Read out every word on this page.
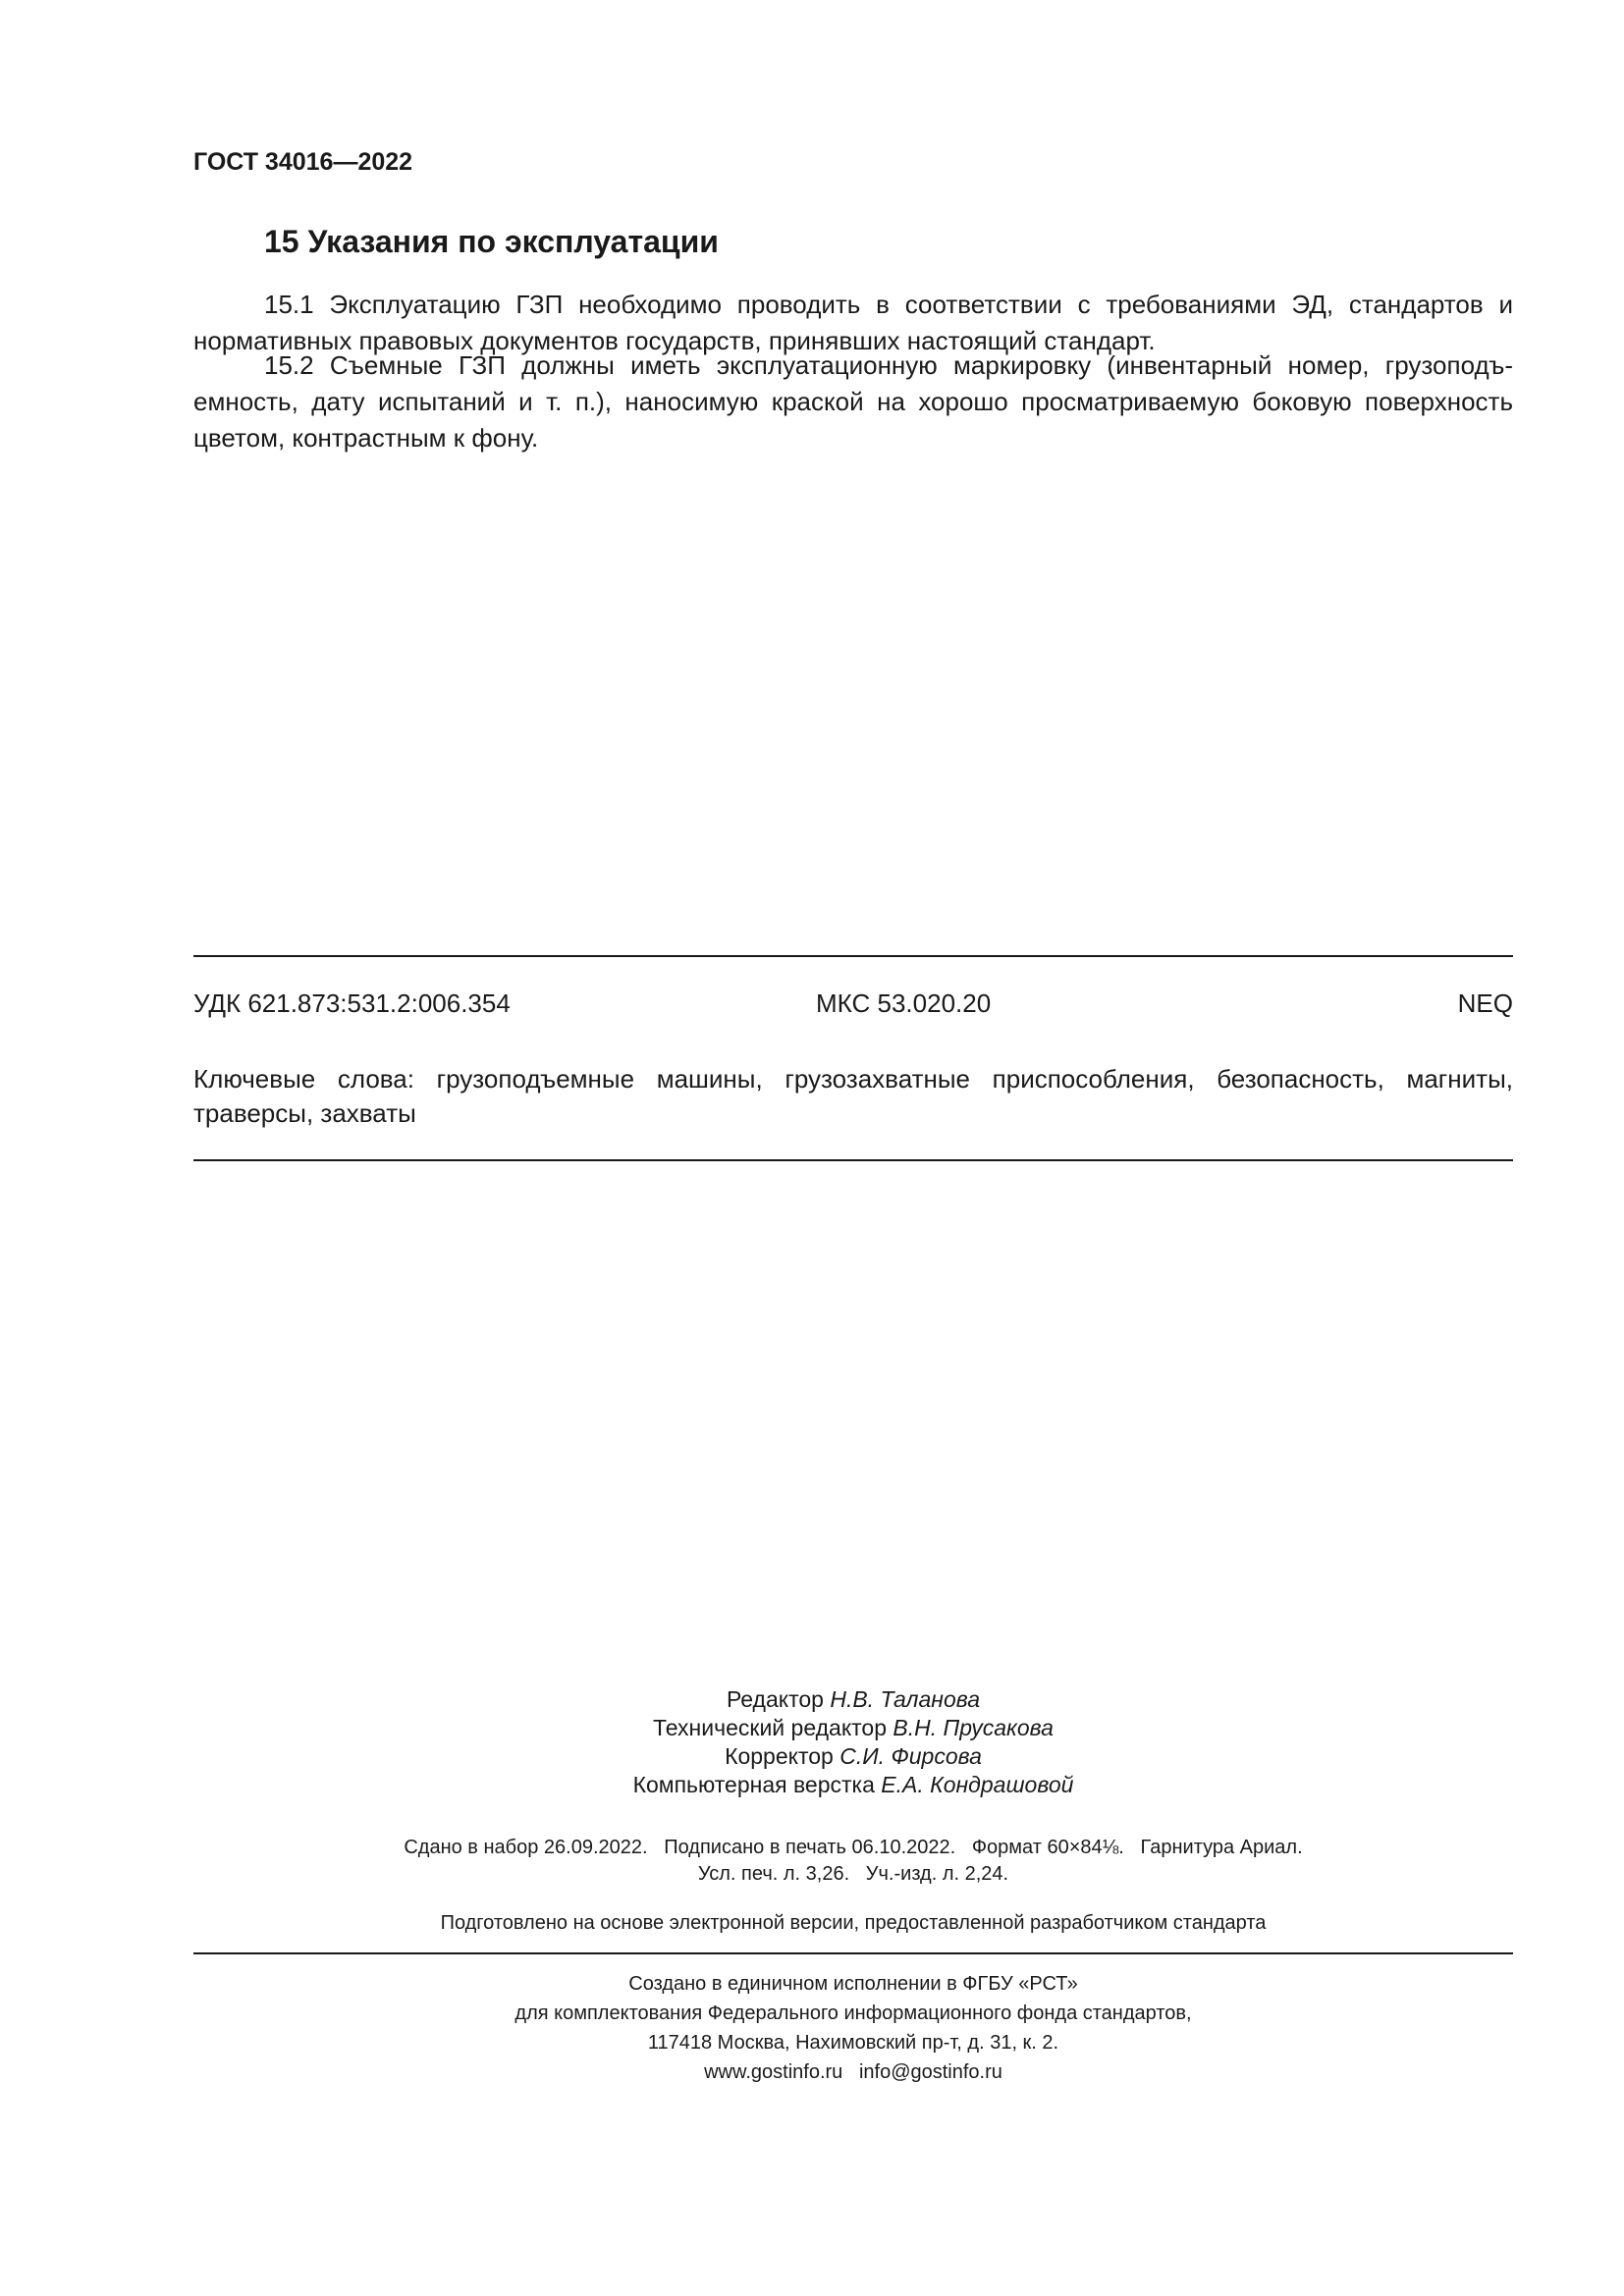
ГОСТ 34016—2022
15 Указания по эксплуатации

15.1 Эксплуатацию ГЗП необходимо проводить в соответствии с требованиями ЭД, стандартов и нормативных правовых документов государств, принявших настоящий стандарт.

15.2 Съемные ГЗП должны иметь эксплуатационную маркировку (инвентарный номер, грузоподъемность, дату испытаний и т. п.), наносимую краской на хорошо просматриваемую боковую поверхность цветом, контрастным к фону.

УДК 621.873:531.2:006.354	МКС 53.020.20	NEQ

Ключевые слова: грузоподъемные машины, грузозахватные приспособления, безопасность, магниты, траверсы, захваты

Редактор Н.В. Таланова
Технический редактор В.Н. Прусакова
Корректор С.И. Фирсова
Компьютерная верстка Е.А. Кондрашовой
Сдано в набор 26.09.2022.   Подписано в печать 06.10.2022.   Формат 60×84⅛.   Гарнитура Ариал.
Усл. печ. л. 3,26.   Уч.-изд. л. 2,24.
Подготовлено на основе электронной версии, предоставленной разработчиком стандарта
Создано в единичном исполнении в ФГБУ «РСТ»
для комплектования Федерального информационного фонда стандартов,
117418 Москва, Нахимовский пр-т, д. 31, к. 2.
www.gostinfo.ru   info@gostinfo.ru
